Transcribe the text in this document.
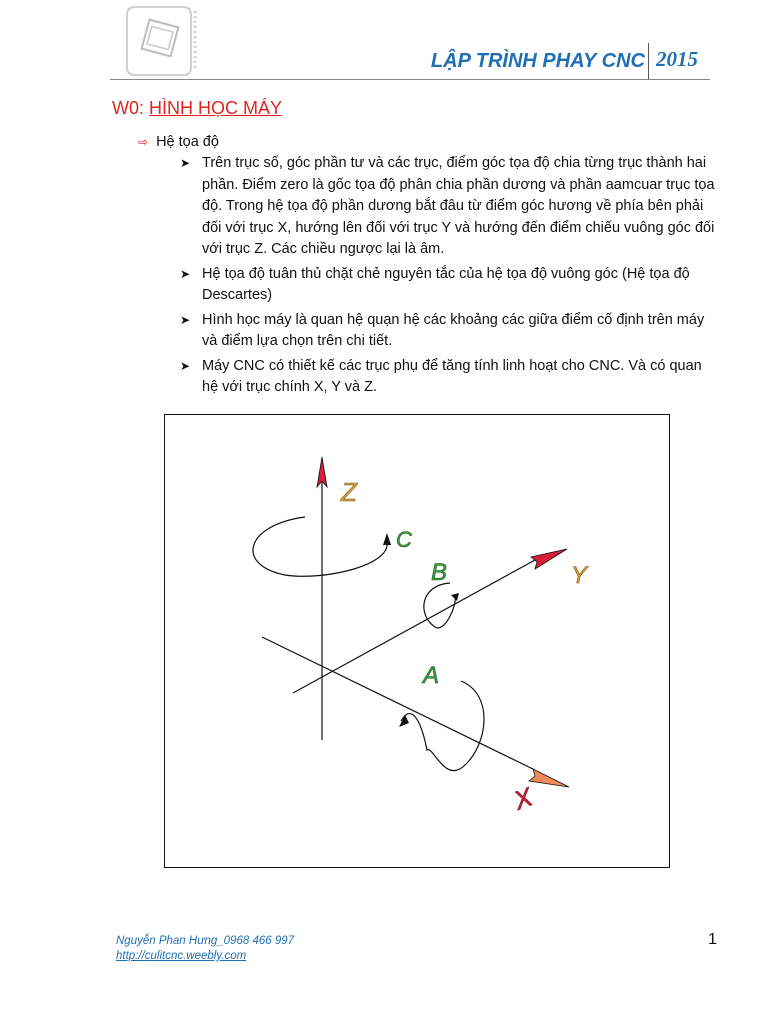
LẬP TRÌNH PHAY CNC 2015
W0: HÌNH HỌC MÁY
⇨ Hệ tọa độ
➤ Trên trục số, góc phần tư và các trục, điểm góc tọa độ chia từng trục thành hai phần. Điểm zero là gốc tọa độ phân chia phần dương và phần aamcuar trục tọa độ. Trong hệ tọa độ phần dương bắt đâu từ điểm góc hương về phía bên phải đối với trục X, hướng lên đối với trục Y và hướng đến điểm chiếu vuông góc đối với trục Z. Các chiều ngược lại là âm.
➤ Hệ tọa độ tuân thủ chặt chẻ nguyên tắc của hệ tọa độ vuông góc (Hệ tọa độ Descartes)
➤ Hình học máy là quan hệ quạn hệ các khoảng các giữa điểm cố định trên máy và điểm lựa chọn trên chi tiết.
➤ Máy CNC có thiết kế các trục phụ để tăng tính linh hoạt cho CNC. Và có quan hệ với trục chính X, Y và Z.
Z
Y
X
C
B
A
Nguyễn Phan Hưng_0968 466 997
http://culitcnc.weebly.com
1
